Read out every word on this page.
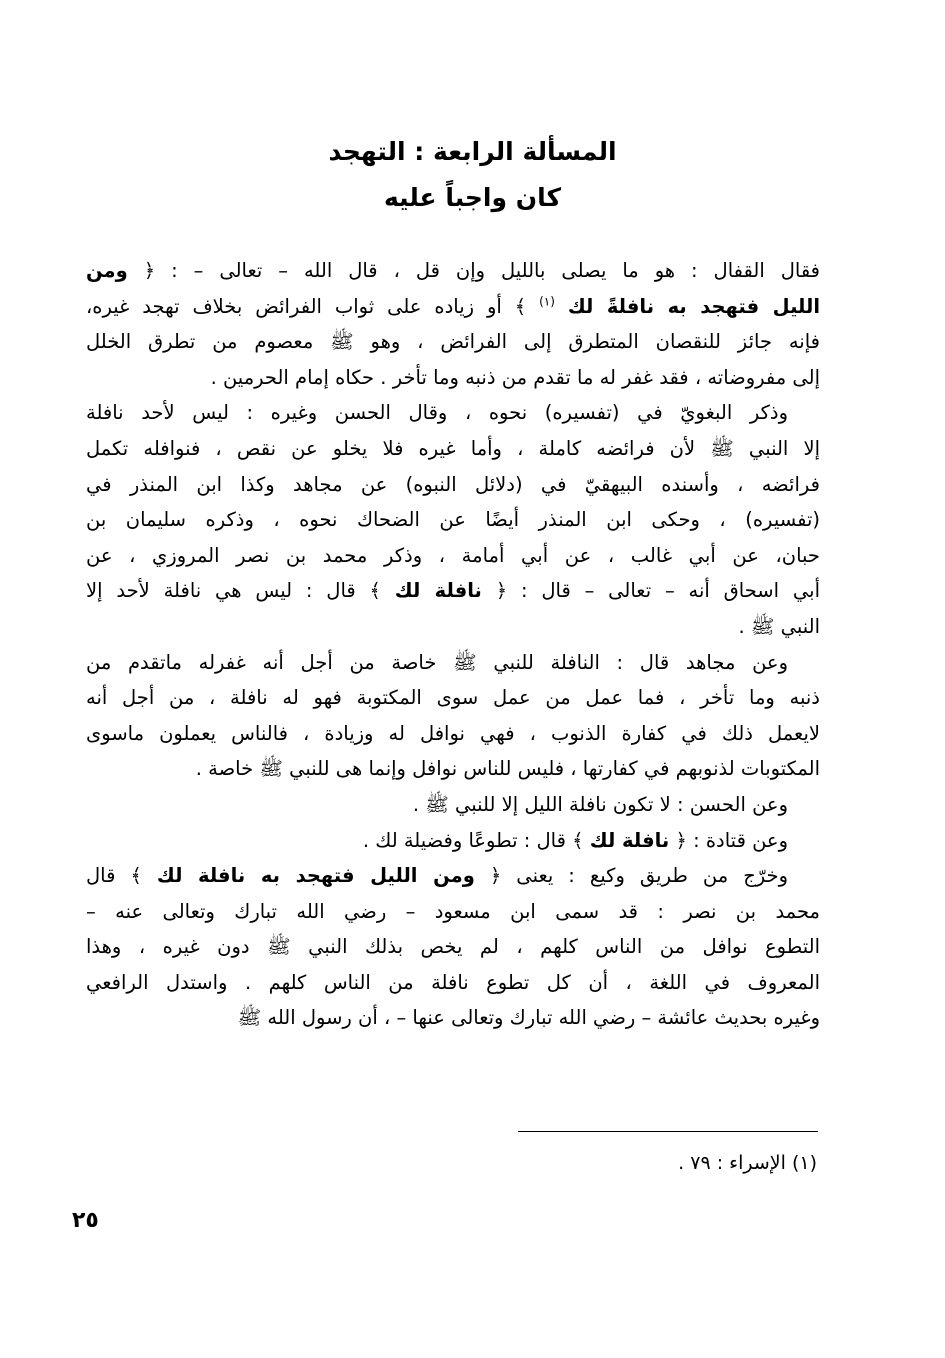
المسألة الرابعة : التهجد
كان واجباً عليه
فقال القفال : هو ما يصلى بالليل وإن قل ، قال الله – تعالى – : ﴿ ومن
الليل فتهجد به نافلةً لك $^{(١)}$ ﴾ أو زياده على ثواب الفرائض بخلاف تهجد غيره،
فإنه جائز للنقصان المتطرق إلى الفرائض ، وهو ﷺ معصوم من تطرق الخلل
إلى مفروضاته ، فقد غفر له ما تقدم من ذنبه وما تأخر . حكاه إمام الحرمين .
وذكر البغويّ في (تفسيره) نحوه ، وقال الحسن وغيره : ليس لأحد نافلة
إلا النبي ﷺ لأن فرائضه كاملة ، وأما غيره فلا يخلو عن نقص ، فنوافله تكمل
فرائضه ، وأسنده البيهقيّ في (دلائل النبوه) عن مجاهد وكذا ابن المنذر في
(تفسيره) ، وحكى ابن المنذر أيضًا عن الضحاك نحوه ، وذكره سليمان بن
حبان، عن أبي غالب ، عن أبي أمامة ، وذكر محمد بن نصر المروزي ، عن
أبي اسحاق أنه – تعالى – قال : ﴿ نافلة لك ﴾ قال : ليس هي نافلة لأحد إلا
النبي ﷺ .
وعن مجاهد قال : النافلة للنبي ﷺ خاصة من أجل أنه غفرله ماتقدم من
ذنبه وما تأخر ، فما عمل من عمل سوى المكتوبة فهو له نافلة ، من أجل أنه
لايعمل ذلك في كفارة الذنوب ، فهي نوافل له وزيادة ، فالناس يعملون ماسوى
المكتوبات لذنوبهم في كفارتها ، فليس للناس نوافل وإنما هى للنبي ﷺ خاصة .
وعن الحسن : لا تكون نافلة الليل إلا للنبي ﷺ .
وعن قتادة : ﴿ نافلة لك ﴾ قال : تطوعًا وفضيلة لك .
وخرّج من طريق وكيع : يعنى ﴿ ومن الليل فتهجد به نافلة لك ﴾ قال
محمد بن نصر : قد سمى ابن مسعود – رضي الله تبارك وتعالى عنه –
التطوع نوافل من الناس كلهم ، لم يخص بذلك النبي ﷺ دون غيره ، وهذا
المعروف في اللغة ، أن كل تطوع نافلة من الناس كلهم . واستدل الرافعي
وغيره بحديث عائشة – رضي الله تبارك وتعالى عنها – ، أن رسول الله ﷺ
(١) الإسراء : ٧٩ .
٢٥
